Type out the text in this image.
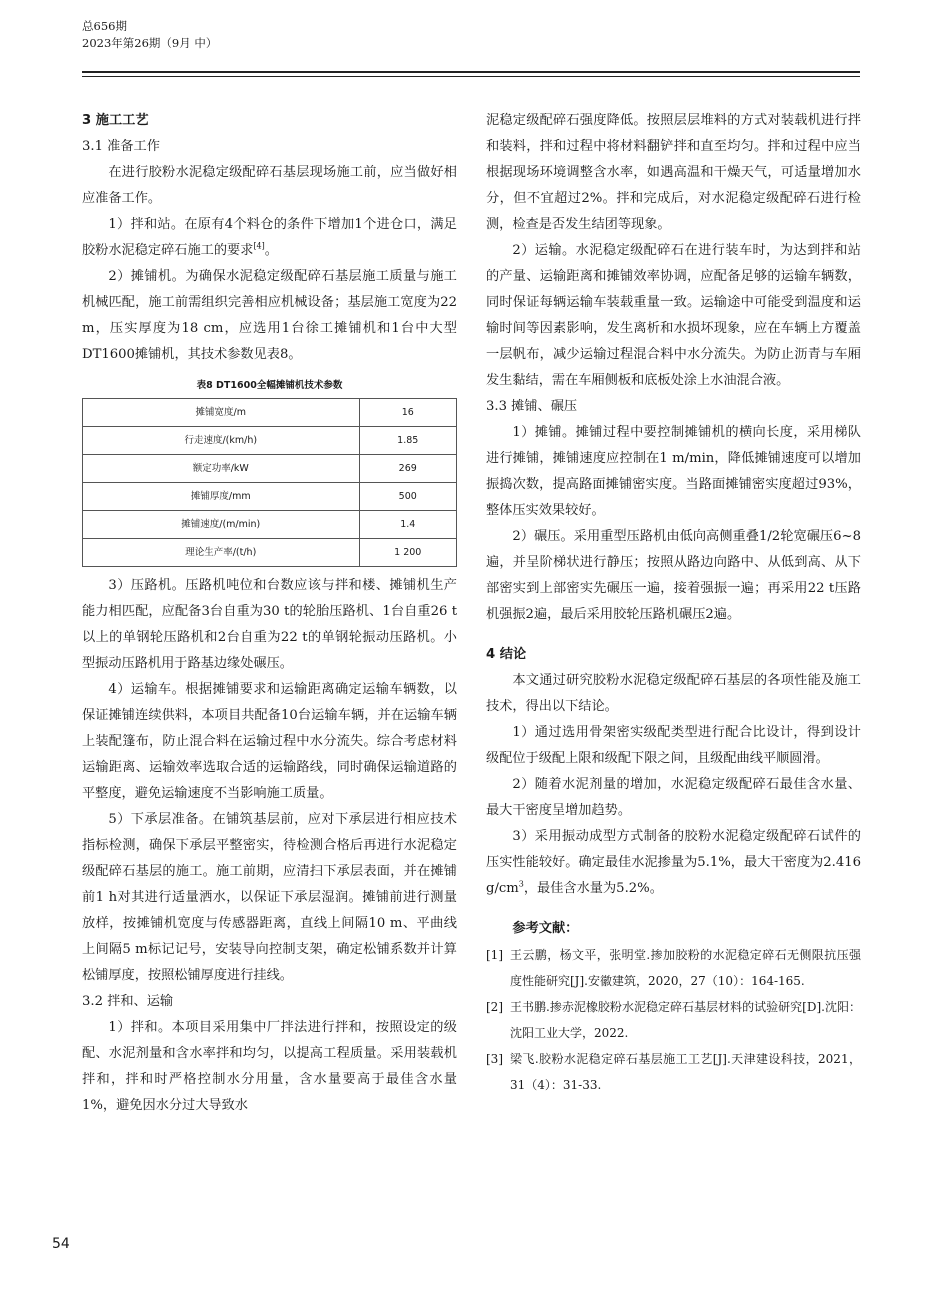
总656期
2023年第26期（9月 中）

3 施工工艺

3.1 准备工作

在进行胶粉水泥稳定级配碎石基层现场施工前，应当做好相应准备工作。

1）拌和站。在原有4个料仓的条件下增加1个进仓口，满足胶粉水泥稳定碎石施工的要求[4]。

2）摊铺机。为确保水泥稳定级配碎石基层施工质量与施工机械匹配，施工前需组织完善相应机械设备；基层施工宽度为22 m，压实厚度为18 cm，应选用1台徐工摊铺机和1台中大型DT1600摊铺机，其技术参数见表8。

表8 DT1600全幅摊铺机技术参数
摊铺宽度/m	16
行走速度/(km/h)	1.85
额定功率/kW	269
摊铺厚度/mm	500
摊铺速度/(m/min)	1.4
理论生产率/(t/h)	1 200

3）压路机。压路机吨位和台数应该与拌和楼、摊铺机生产能力相匹配，应配备3台自重为30 t的轮胎压路机、1台自重26 t以上的单钢轮压路机和2台自重为22 t的单钢轮振动压路机。小型振动压路机用于路基边缘处碾压。

4）运输车。根据摊铺要求和运输距离确定运输车辆数，以保证摊铺连续供料，本项目共配备10台运输车辆，并在运输车辆上装配篷布，防止混合料在运输过程中水分流失。综合考虑材料运输距离、运输效率选取合适的运输路线，同时确保运输道路的平整度，避免运输速度不当影响施工质量。

5）下承层准备。在铺筑基层前，应对下承层进行相应技术指标检测，确保下承层平整密实，待检测合格后再进行水泥稳定级配碎石基层的施工。施工前期，应清扫下承层表面，并在摊铺前1 h对其进行适量洒水，以保证下承层湿润。摊铺前进行测量放样，按摊铺机宽度与传感器距离，直线上间隔10 m、平曲线上间隔5 m标记记号，安装导向控制支架，确定松铺系数并计算松铺厚度，按照松铺厚度进行挂线。

3.2 拌和、运输

1）拌和。本项目采用集中厂拌法进行拌和，按照设定的级配、水泥剂量和含水率拌和均匀，以提高工程质量。采用装载机拌和，拌和时严格控制水分用量，含水量要高于最佳含水量1%，避免因水分过大导致水

泥稳定级配碎石强度降低。按照层层堆料的方式对装载机进行拌和装料，拌和过程中将材料翻铲拌和直至均匀。拌和过程中应当根据现场环境调整含水率，如遇高温和干燥天气，可适量增加水分，但不宜超过2%。拌和完成后，对水泥稳定级配碎石进行检测，检查是否发生结团等现象。

2）运输。水泥稳定级配碎石在进行装车时，为达到拌和站的产量、运输距离和摊铺效率协调，应配备足够的运输车辆数，同时保证每辆运输车装载重量一致。运输途中可能受到温度和运输时间等因素影响，发生离析和水损坏现象，应在车辆上方覆盖一层帆布，减少运输过程混合料中水分流失。为防止沥青与车厢发生黏结，需在车厢侧板和底板处涂上水油混合液。

3.3 摊铺、碾压

1）摊铺。摊铺过程中要控制摊铺机的横向长度，采用梯队进行摊铺，摊铺速度应控制在1 m/min，降低摊铺速度可以增加振捣次数，提高路面摊铺密实度。当路面摊铺密实度超过93%，整体压实效果较好。

2）碾压。采用重型压路机由低向高侧重叠1/2轮宽碾压6~8遍，并呈阶梯状进行静压；按照从路边向路中、从低到高、从下部密实到上部密实先碾压一遍，接着强振一遍；再采用22 t压路机强振2遍，最后采用胶轮压路机碾压2遍。

4 结论

本文通过研究胶粉水泥稳定级配碎石基层的各项性能及施工技术，得出以下结论。

1）通过选用骨架密实级配类型进行配合比设计，得到设计级配位于级配上限和级配下限之间，且级配曲线平顺圆滑。

2）随着水泥剂量的增加，水泥稳定级配碎石最佳含水量、最大干密度呈增加趋势。

3）采用振动成型方式制备的胶粉水泥稳定级配碎石试件的压实性能较好。确定最佳水泥掺量为5.1%，最大干密度为2.416 $g/cm^3$，最佳含水量为5.2%。

参考文献：

[1] 王云鹏，杨文平，张明堂.掺加胶粉的水泥稳定碎石无侧限抗压强度性能研究[J].安徽建筑，2020，27（10）：164-165.
[2] 王书鹏.掺赤泥橡胶粉水泥稳定碎石基层材料的试验研究[D].沈阳：沈阳工业大学，2022.
[3] 梁飞.胶粉水泥稳定碎石基层施工工艺[J].天津建设科技，2021，31（4）：31-33.
54
